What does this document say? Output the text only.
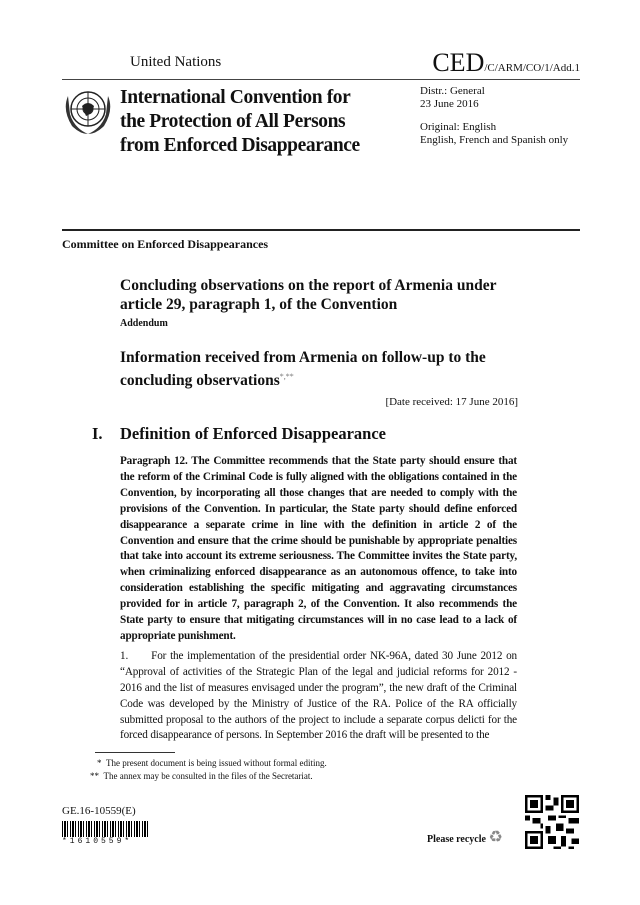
United Nations	CED/C/ARM/CO/1/Add.1
International Convention for
the Protection of All Persons
from Enforced Disappearance
Distr.: General
23 June 2016
Original: English
English, French and Spanish only
Committee on Enforced Disappearances
Concluding observations on the report of Armenia under article 29, paragraph 1, of the Convention
Addendum
Information received from Armenia on follow-up to the concluding observations*,**
[Date received: 17 June 2016]
I. Definition of Enforced Disappearance
Paragraph 12. The Committee recommends that the State party should ensure that the reform of the Criminal Code is fully aligned with the obligations contained in the Convention, by incorporating all those changes that are needed to comply with the provisions of the Convention. In particular, the State party should define enforced disappearance a separate crime in line with the definition in article 2 of the Convention and ensure that the crime should be punishable by appropriate penalties that take into account its extreme seriousness. The Committee invites the State party, when criminalizing enforced disappearance as an autonomous offence, to take into consideration establishing the specific mitigating and aggravating circumstances provided for in article 7, paragraph 2, of the Convention. It also recommends the State party to ensure that mitigating circumstances will in no case lead to a lack of appropriate punishment.
1.      For the implementation of the presidential order NK-96A, dated 30 June 2012 on “Approval of activities of the Strategic Plan of the legal and judicial reforms for 2012 - 2016 and the list of measures envisaged under the program”, the new draft of the Criminal Code was developed by the Ministry of Justice of the RA. Police of the RA officially submitted proposal to the authors of the project to include a separate corpus delicti for the forced disappearance of persons. In September 2016 the draft will be presented to the
*  The present document is being issued without formal editing.
**  The annex may be consulted in the files of the Secretariat.
GE.16-10559(E)
*1610559*	Please recycle ♻
